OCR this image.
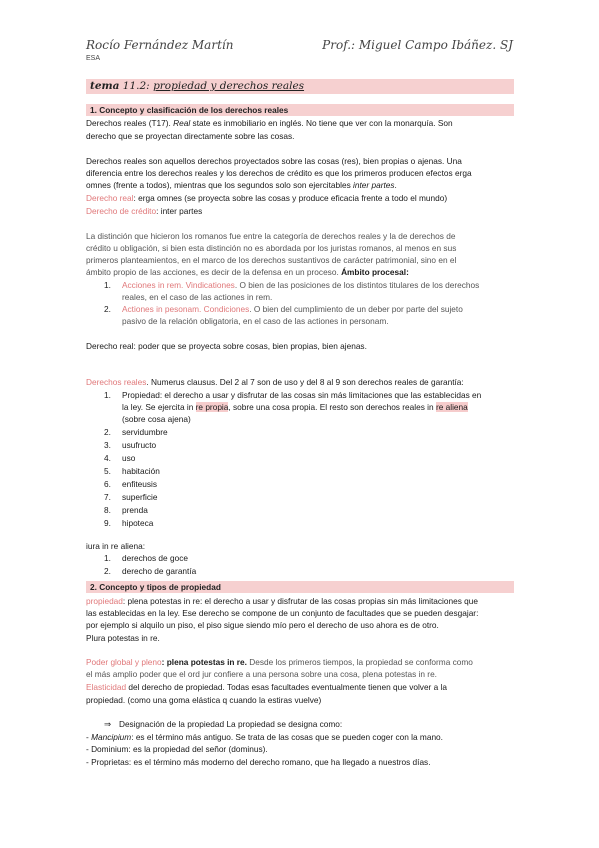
Rocío Fernández Martín
ESA
Prof.: Miguel Campo Ibáñez. SJ
tema 11.2: propiedad y derechos reales
1. Concepto y clasificación de los derechos reales
Derechos reales (T17). Real state es inmobiliario en inglés. No tiene que ver con la monarquía. Son
derecho que se proyectan directamente sobre las cosas.
Derechos reales son aquellos derechos proyectados sobre las cosas (res), bien propias o ajenas. Una
diferencia entre los derechos reales y los derechos de crédito es que los primeros producen efectos erga
omnes (frente a todos), mientras que los segundos solo son ejercitables inter partes.
Derecho real: erga omnes (se proyecta sobre las cosas y produce eficacia frente a todo el mundo)
Derecho de crédito: inter partes
La distinción que hicieron los romanos fue entre la categoría de derechos reales y la de derechos de
crédito u obligación, si bien esta distinción no es abordada por los juristas romanos, al menos en sus
primeros planteamientos, en el marco de los derechos sustantivos de carácter patrimonial, sino en el
ámbito propio de las acciones, es decir de la defensa en un proceso. Ámbito procesal:
1. Acciones in rem. Vindicationes. O bien de las posiciones de los distintos titulares de los derechos
reales, en el caso de las actiones in rem.
2. Actiones in pesonam. Condiciones. O bien del cumplimiento de un deber por parte del sujeto
pasivo de la relación obligatoria, en el caso de las actiones in personam.
Derecho real: poder que se proyecta sobre cosas, bien propias, bien ajenas.
Derechos reales. Numerus clausus. Del 2 al 7 son de uso y del 8 al 9 son derechos reales de garantía:
1. Propiedad: el derecho a usar y disfrutar de las cosas sin más limitaciones que las establecidas en
la ley. Se ejercita in re propia, sobre una cosa propia. El resto son derechos reales in re aliena
(sobre cosa ajena)
2. servidumbre
3. usufructo
4. uso
5. habitación
6. enfiteusis
7. superficie
8. prenda
9. hipoteca
iura in re aliena:
1. derechos de goce
2. derecho de garantía
2. Concepto y tipos de propiedad
propiedad: plena potestas in re: el derecho a usar y disfrutar de las cosas propias sin más limitaciones que
las establecidas en la ley. Ese derecho se compone de un conjunto de facultades que se pueden desgajar:
por ejemplo si alquilo un piso, el piso sigue siendo mío pero el derecho de uso ahora es de otro.
Plura potestas in re.
Poder global y pleno: plena potestas in re. Desde los primeros tiempos, la propiedad se conforma como
el más amplio poder que el ord jur confiere a una persona sobre una cosa, plena potestas in re.
Elasticidad del derecho de propiedad. Todas esas facultades eventualmente tienen que volver a la
propiedad. (como una goma elástica q cuando la estiras vuelve)
⇒ Designación de la propiedad La propiedad se designa como:
- Mancipium: es el término más antiguo. Se trata de las cosas que se pueden coger con la mano.
- Dominium: es la propiedad del señor (dominus).
- Proprietas: es el término más moderno del derecho romano, que ha llegado a nuestros días.
